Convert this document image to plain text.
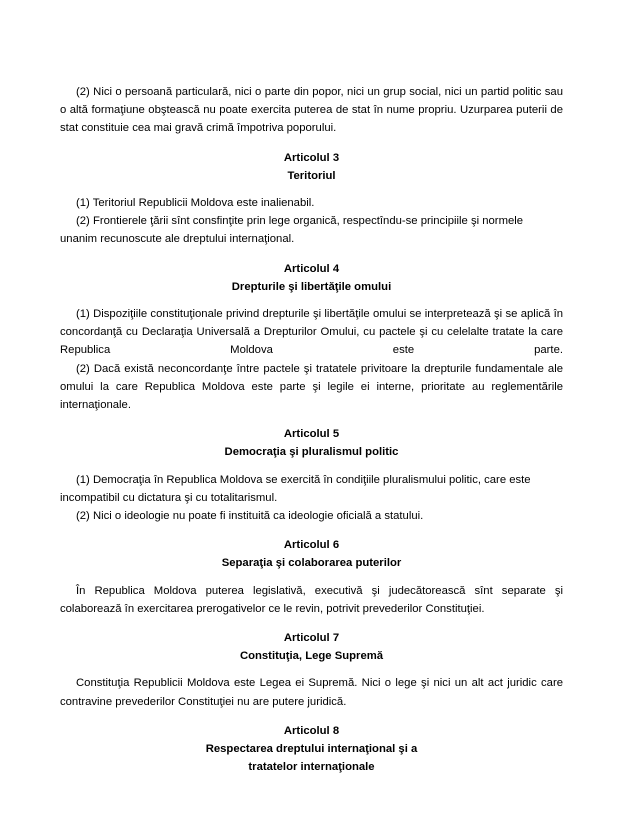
(2) Nici o persoană particulară, nici o parte din popor, nici un grup social, nici un partid politic sau o altă formaţiune obştească nu poate exercita puterea de stat în nume propriu. Uzurparea puterii de stat constituie cea mai gravă crimă împotriva poporului.

Articolul 3

Teritoriul

(1) Teritoriul Republicii Moldova este inalienabil.

(2) Frontierele ţării sînt consfinţite prin lege organică, respectîndu-se principiile şi normele unanim recunoscute ale dreptului internaţional.

Articolul 4

Drepturile şi libertăţile omului

(1) Dispoziţiile constituţionale privind drepturile şi libertăţile omului se interpretează şi se aplică în concordanţă cu Declaraţia Universală a Drepturilor Omului, cu pactele şi cu celelalte tratate la care Republica Moldova este parte.

(2) Dacă există neconcordanţe între pactele şi tratatele privitoare la drepturile fundamentale ale omului la care Republica Moldova este parte şi legile ei interne, prioritate au reglementările internaţionale.

Articolul 5

Democraţia şi pluralismul politic

(1) Democraţia în Republica Moldova se exercită în condiţiile pluralismului politic, care este incompatibil cu dictatura şi cu totalitarismul.

(2) Nici o ideologie nu poate fi instituită ca ideologie oficială a statului.

Articolul 6

Separaţia şi colaborarea puterilor

În Republica Moldova puterea legislativă, executivă şi judecătorească sînt separate şi colaborează în exercitarea prerogativelor ce le revin, potrivit prevederilor Constituţiei.

Articolul 7

Constituţia, Lege Supremă

Constituţia Republicii Moldova este Legea ei Supremă. Nici o lege şi nici un alt act juridic care contravine prevederilor Constituţiei nu are putere juridică.

Articolul 8

Respectarea dreptului internaţional şi a

tratatelor internaţionale
